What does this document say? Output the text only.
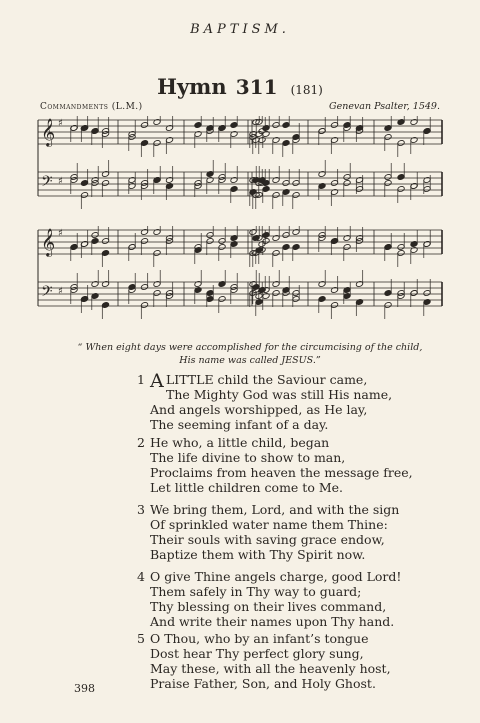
BAPTISM.
Hymn 311 (181)
Commandments (L.M.)	Genevan Psalter, 1549.
𝄞 ♯
𝄢 ♯
𝄞 ♯
𝄢 ♯
“ When eight days were accomplished for the circumcising of the child,
His name was called JESUS.”
1 A LITTLE child the Saviour came,
The Mighty God was still His name,
And angels worshipped, as He lay,
The seeming infant of a day.
2 He who, a little child, began
The life divine to show to man,
Proclaims from heaven the message free,
Let little children come to Me.
3 We bring them, Lord, and with the sign
Of sprinkled water name them Thine:
Their souls with saving grace endow,
Baptize them with Thy Spirit now.
4 O give Thine angels charge, good Lord!
Them safely in Thy way to guard;
Thy blessing on their lives command,
And write their names upon Thy hand.
5 O Thou, who by an infant’s tongue
Dost hear Thy perfect glory sung,
May these, with all the heavenly host,
Praise Father, Son, and Holy Ghost.
398
